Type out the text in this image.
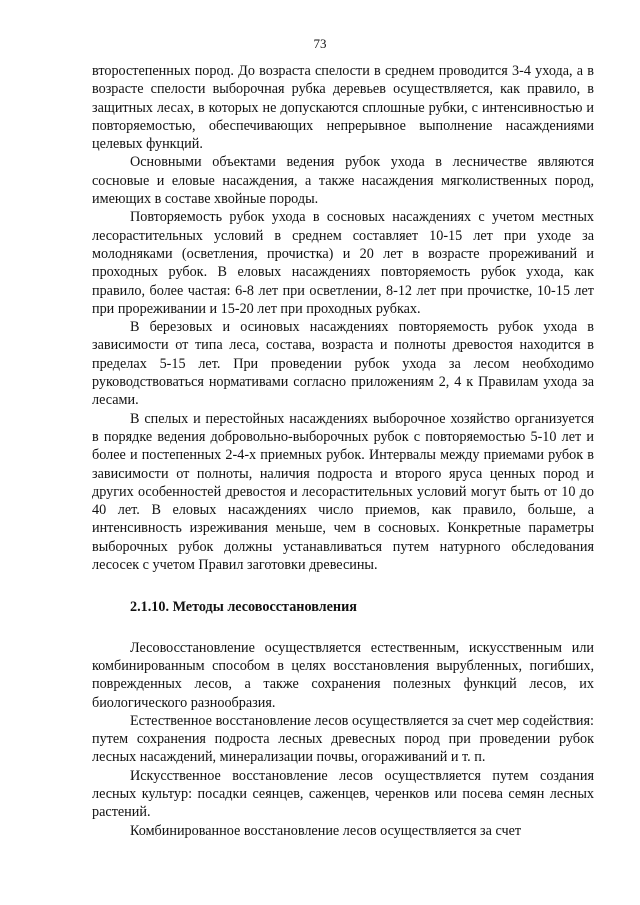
73

второстепенных пород. До возраста спелости в среднем проводится 3-4 ухода, а в возрасте спелости выборочная рубка деревьев осуществляется, как правило, в защитных лесах, в которых не допускаются сплошные рубки, с интенсивностью и повторяемостью, обеспечивающих непрерывное выполнение насаждениями целевых функций.

Основными объектами ведения рубок ухода в лесничестве являются сосновые и еловые насаждения, а также насаждения мягколиственных пород, имеющих в составе хвойные породы.

Повторяемость рубок ухода в сосновых насаждениях с учетом местных лесорастительных условий в среднем составляет 10-15 лет при уходе за молодняками (осветления, прочистка) и 20 лет в возрасте прореживаний и проходных рубок. В еловых насаждениях повторяемость рубок ухода, как правило, более частая: 6-8 лет при осветлении, 8-12 лет при прочистке, 10-15 лет при прореживании и 15-20 лет при проходных рубках.

В березовых и осиновых насаждениях повторяемость рубок ухода в зависимости от типа леса, состава, возраста и полноты древостоя находится в пределах 5-15 лет. При проведении рубок ухода за лесом необходимо руководствоваться нормативами согласно приложениям 2, 4 к Правилам ухода за лесами.

В спелых и перестойных насаждениях выборочное хозяйство организуется в порядке ведения добровольно-выборочных рубок с повторяемостью 5-10 лет и более и постепенных 2-4-х приемных рубок. Интервалы между приемами рубок в зависимости от полноты, наличия подроста и второго яруса ценных пород и других особенностей древостоя и лесорастительных условий могут быть от 10 до 40 лет. В еловых насаждениях число приемов, как правило, больше, а интенсивность изреживания меньше, чем в сосновых. Конкретные параметры выборочных рубок должны устанавливаться путем натурного обследования лесосек с учетом Правил заготовки древесины.

2.1.10. Методы лесовосстановления

Лесовосстановление осуществляется естественным, искусственным или комбинированным способом в целях восстановления вырубленных, погибших, поврежденных лесов, а также сохранения полезных функций лесов, их биологического разнообразия.

Естественное восстановление лесов осуществляется за счет мер содействия: путем сохранения подроста лесных древесных пород при проведении рубок лесных насаждений, минерализации почвы, огораживаний и т. п.

Искусственное восстановление лесов осуществляется путем создания лесных культур: посадки сеянцев, саженцев, черенков или посева семян лесных растений.

Комбинированное восстановление лесов осуществляется за счет
